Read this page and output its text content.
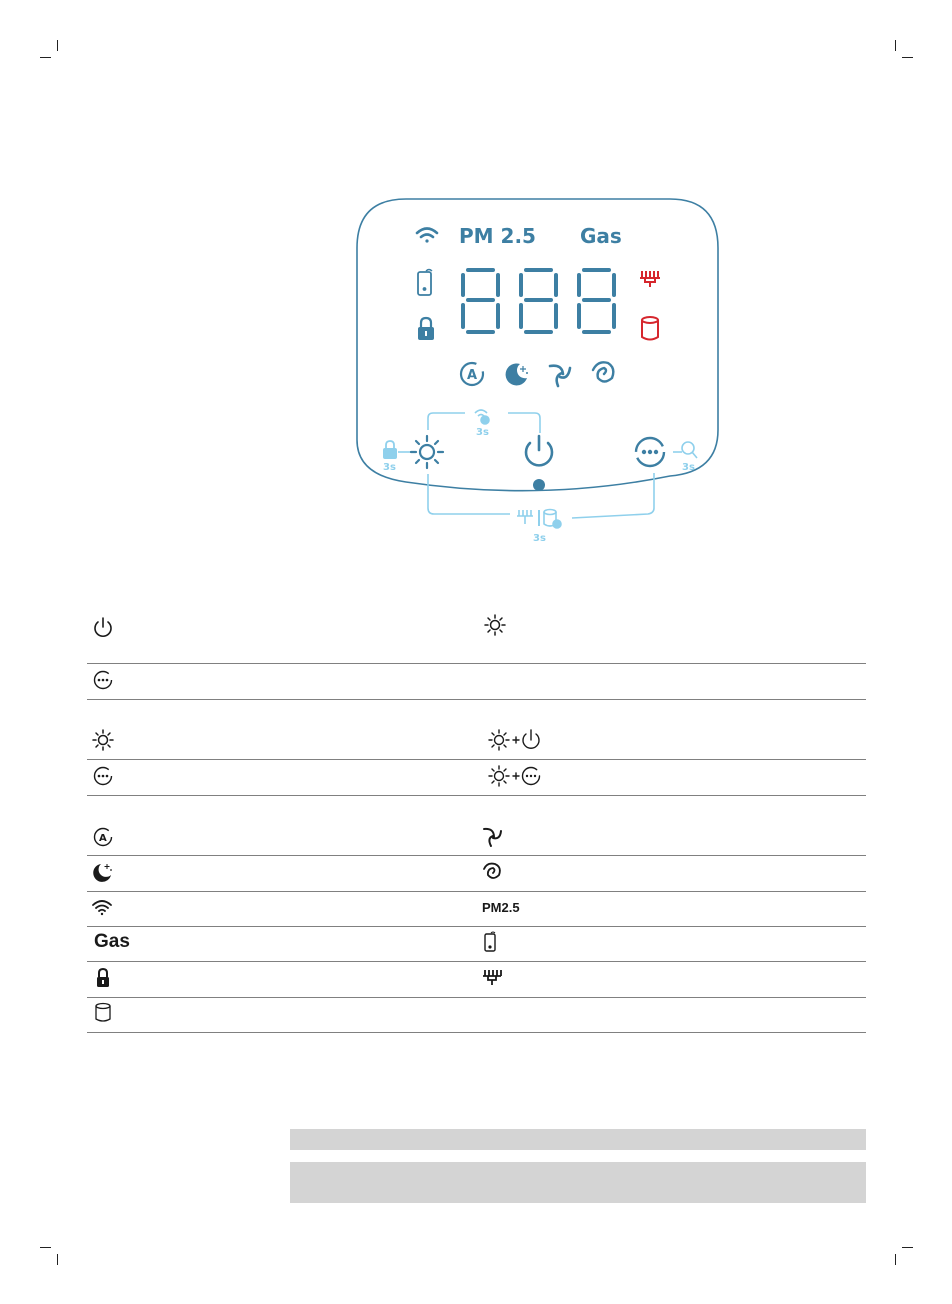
PM 2.5 Gas
A
3s
3s	3s
3s
A
PM2.5
Gas
